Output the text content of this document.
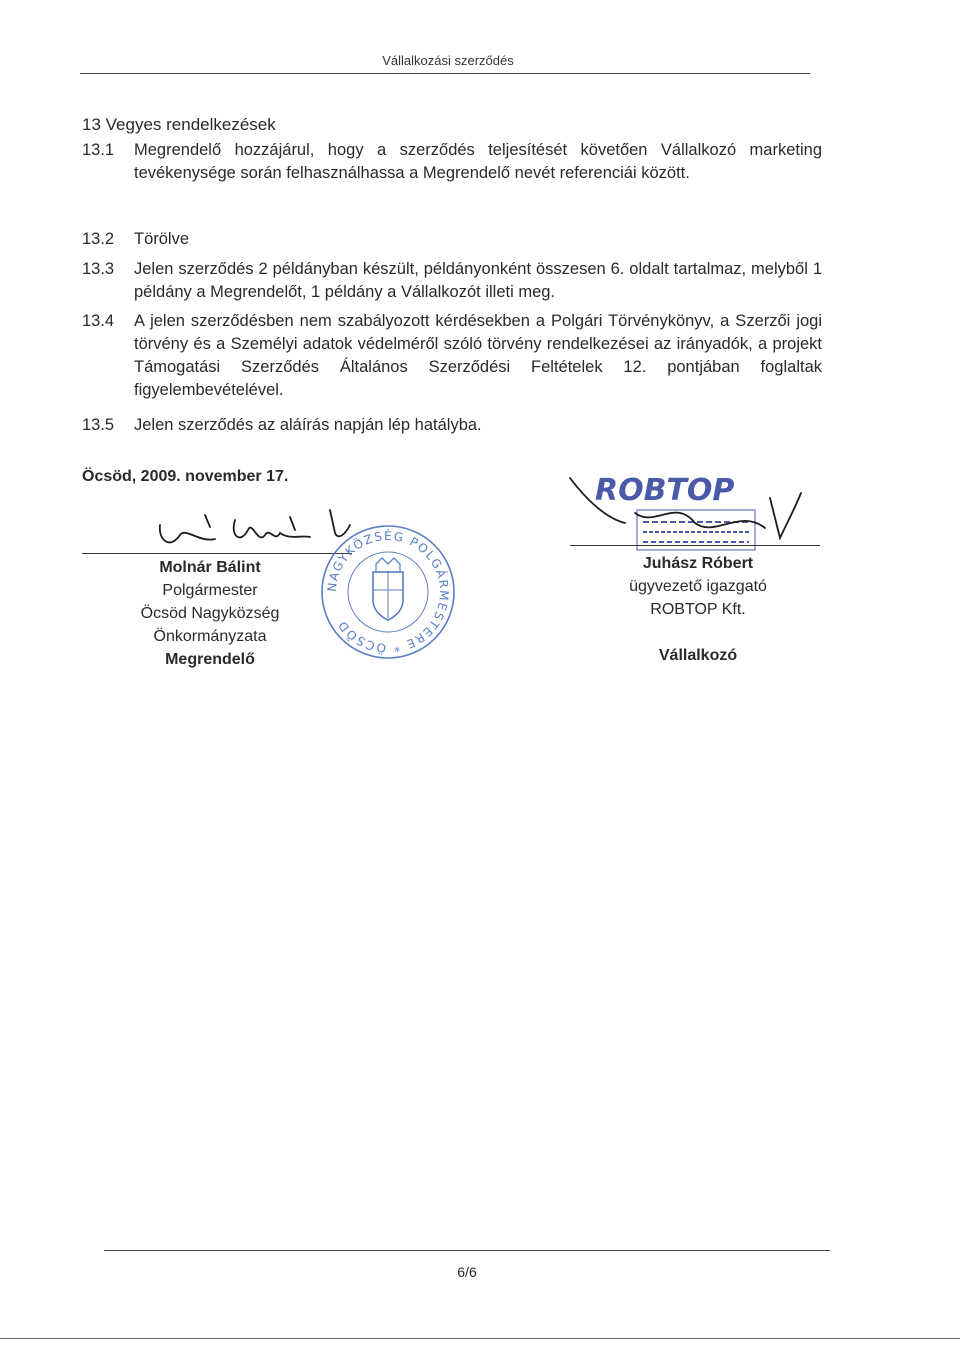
Vállalkozási szerződés
13 Vegyes rendelkezések
13.1 Megrendelő hozzájárul, hogy a szerződés teljesítését követően Vállalkozó marketing tevékenysége során felhasználhassa a Megrendelő nevét referenciái között.
13.2 Törölve
13.3 Jelen szerződés 2 példányban készült, példányonként összesen 6. oldalt tartalmaz, melyből 1 példány a Megrendelőt, 1 példány a Vállalkozót illeti meg.
13.4 A jelen szerződésben nem szabályozott kérdésekben a Polgári Törvénykönyv, a Szerzői jogi törvény és a Személyi adatok védelméről szóló törvény rendelkezései az irányadók, a projekt Támogatási Szerződés Általános Szerződési Feltételek 12. pontjában foglaltak figyelembevételével.
13.5 Jelen szerződés az aláírás napján lép hatályba.
Öcsöd, 2009. november 17.
Molnár Bálint
Polgármester
Öcsöd Nagyközség
Önkormányzata
Megrendelő
NAGYKÖZSÉG POLGÁRMESTERE * ÖCSÖD
ROBTOP
Juhász Róbert
ügyvezető igazgató
ROBTOP Kft.
Vállalkozó
6/6
